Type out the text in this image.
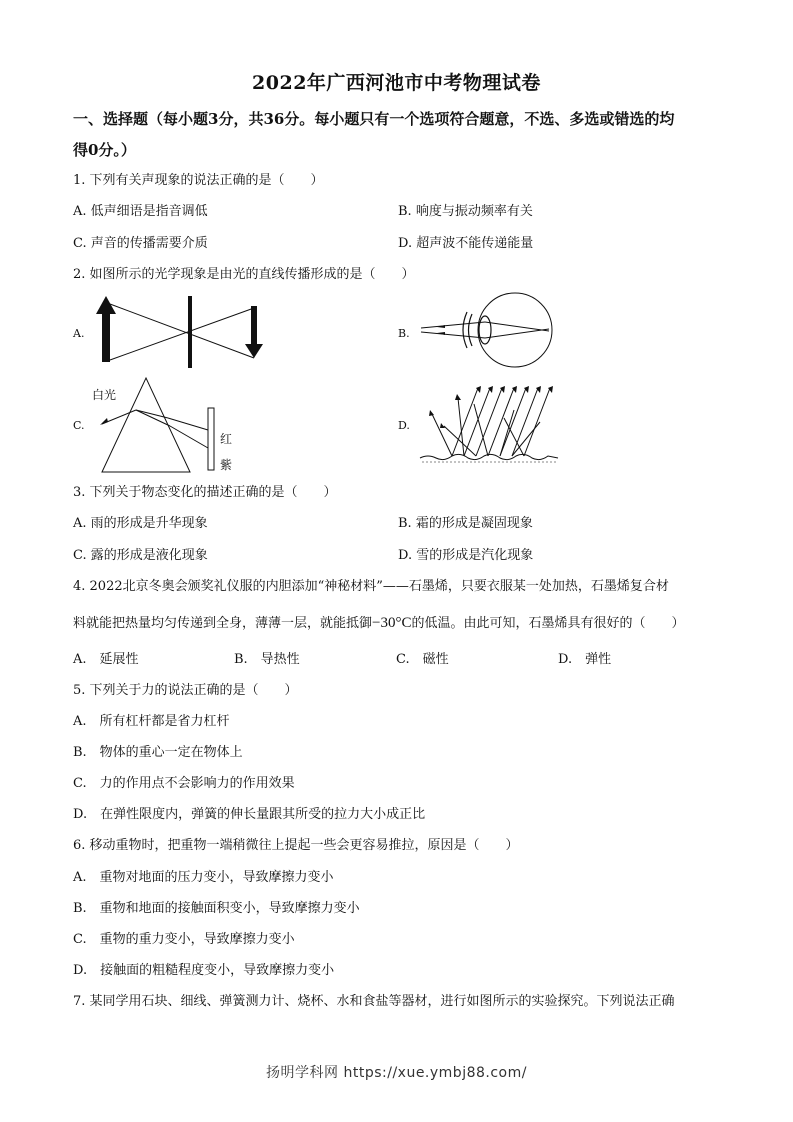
2022年广西河池市中考物理试卷
一、选择题（每小题3分，共36分。每小题只有一个选项符合题意，不选、多选或错选的均
得0分。）
1. 下列有关声现象的说法正确的是（　　）
A. 低声细语是指音调低	B. 响度与振动频率有关
C. 声音的传播需要介质	D. 超声波不能传递能量
2. 如图所示的光学现象是由光的直线传播形成的是（　　）
A.	B.
C.
白光
红
紫
D.
3. 下列关于物态变化的描述正确的是（　　）
A. 雨的形成是升华现象	B. 霜的形成是凝固现象
C. 露的形成是液化现象	D. 雪的形成是汽化现象
4. 2022北京冬奥会颁奖礼仪服的内胆添加“神秘材料”——石墨烯，只要衣服某一处加热，石墨烯复合材
料就能把热量均匀传递到全身，薄薄一层，就能抵御−30°C的低温。由此可知，石墨烯具有很好的（　　）
A.　延展性	B.　导热性	C.　磁性	D.　弹性
5. 下列关于力的说法正确的是（　　）
A.　所有杠杆都是省力杠杆
B.　物体的重心一定在物体上
C.　力的作用点不会影响力的作用效果
D.　在弹性限度内，弹簧的伸长量跟其所受的拉力大小成正比
6. 移动重物时，把重物一端稍微往上提起一些会更容易推拉，原因是（　　）
A.　重物对地面的压力变小，导致摩擦力变小
B.　重物和地面的接触面积变小，导致摩擦力变小
C.　重物的重力变小，导致摩擦力变小
D.　接触面的粗糙程度变小，导致摩擦力变小
7. 某同学用石块、细线、弹簧测力计、烧杯、水和食盐等器材，进行如图所示的实验探究。下列说法正确
扬明学科网 https://xue.ymbj88.com/
